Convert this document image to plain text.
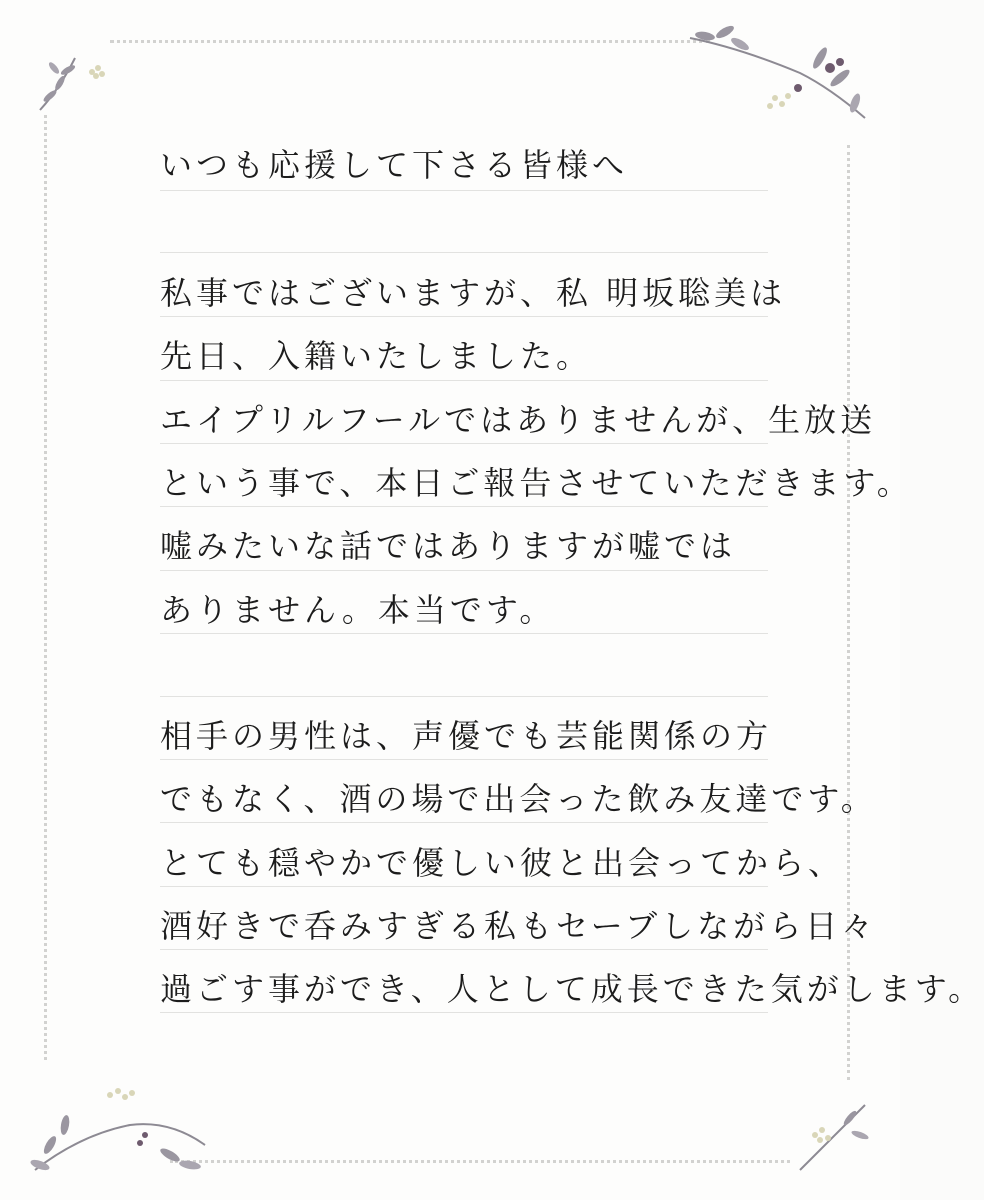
いつも応援して下さる皆様へ
私事ではございますが、私 明坂聡美は
先日、入籍いたしました。
エイプリルフールではありませんが、生放送
という事で、本日ご報告させていただきます。
嘘みたいな話ではありますが嘘では
ありません。本当です。
相手の男性は、声優でも芸能関係の方
でもなく、酒の場で出会った飲み友達です。
とても穏やかで優しい彼と出会ってから、
酒好きで呑みすぎる私もセーブしながら日々
過ごす事ができ、人として成長できた気がします。
